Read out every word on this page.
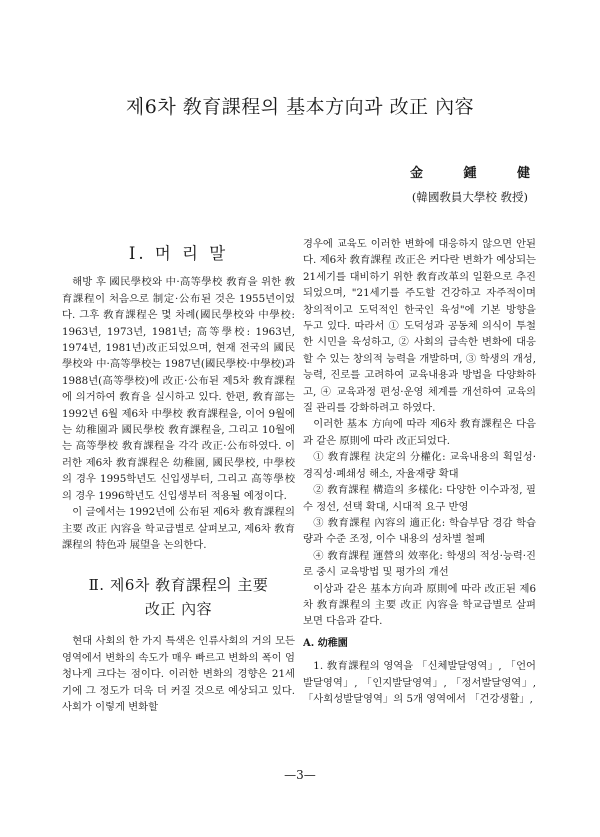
제6차 敎育課程의 基本方向과 改正 內容
金 鍾 健
(韓國敎員大學校 敎授)
Ⅰ. 머 리 말

해방 후 國民學校와 中·高等學校 敎育을 위한 敎育課程이 처음으로 制定·公布된 것은 1955년이었다. 그후 敎育課程은 몇 차례(國民學校와 中學校: 1963년, 1973년, 1981년; 高等學校: 1963년, 1974년, 1981년)改正되었으며, 현재 전국의 國民學校와 中·高等學校는 1987년(國民學校·中學校)과 1988년(高等學校)에 改正·公布된 제5차 敎育課程에 의거하여 敎育을 실시하고 있다. 한편, 敎育部는 1992년 6월 제6차 中學校 敎育課程을, 이어 9월에는 幼稚園과 國民學校 敎育課程을, 그리고 10월에는 高等學校 敎育課程을 각각 改正·公布하였다. 이러한 제6차 敎育課程은 幼稚園, 國民學校, 中學校의 경우 1995학년도 신입생부터, 그리고 高等學校의 경우 1996학년도 신입생부터 적용될 예정이다.

이 글에서는 1992년에 公布된 제6차 敎育課程의 主要 改正 內容을 학교급별로 살펴보고, 제6차 敎育課程의 特色과 展望을 논의한다.

Ⅱ. 제6차 敎育課程의 主要
改正 內容

현대 사회의 한 가지 특색은 인류사회의 거의 모든 영역에서 변화의 속도가 매우 빠르고 변화의 폭이 엄청나게 크다는 점이다. 이러한 변화의 경향은 21세기에 그 정도가 더욱 더 커질 것으로 예상되고 있다. 사회가 이렇게 변화할

경우에 교육도 이러한 변화에 대응하지 않으면 안된다. 제6차 敎育課程 改正은 커다란 변화가 예상되는 21세기를 대비하기 위한 敎育改革의 일환으로 추진되었으며, "21세기를 주도할 건강하고 자주적이며 창의적이고 도덕적인 한국인 육성"에 기본 방향을 두고 있다. 따라서 ① 도덕성과 공동체 의식이 투철한 시민을 육성하고, ② 사회의 급속한 변화에 대응할 수 있는 창의적 능력을 개발하며, ③ 학생의 개성, 능력, 진로를 고려하여 교육내용과 방법을 다양화하고, ④ 교육과정 편성·운영 체계를 개선하여 교육의 질 관리를 강화하려고 하였다.

이러한 基本 方向에 따라 제6차 敎育課程은 다음과 같은 原則에 따라 改正되었다.

① 敎育課程 決定의 分權化: 교육내용의 획일성·경직성·폐쇄성 해소, 자율재량 확대

② 敎育課程 構造의 多樣化: 다양한 이수과정, 필수 정선, 선택 확대, 시대적 요구 반영

③ 敎育課程 內容의 適正化: 학습부담 경감 학습량과 수준 조정, 이수 내용의 성차별 철폐

④ 敎育課程 運營의 效率化: 학생의 적성·능력·진로 중시 교육방법 및 평가의 개선

이상과 같은 基本方向과 原則에 따라 改正된 제6차 敎育課程의 主要 改正 內容을 학교급별로 살펴 보면 다음과 같다.

A. 幼稚園

1. 敎育課程의 영역을 「신체발달영역」, 「언어발달영역」, 「인지발달영역」, 「정서발달영역」, 「사회성발달영역」의 5개 영역에서 「건강생활」,

—3—
